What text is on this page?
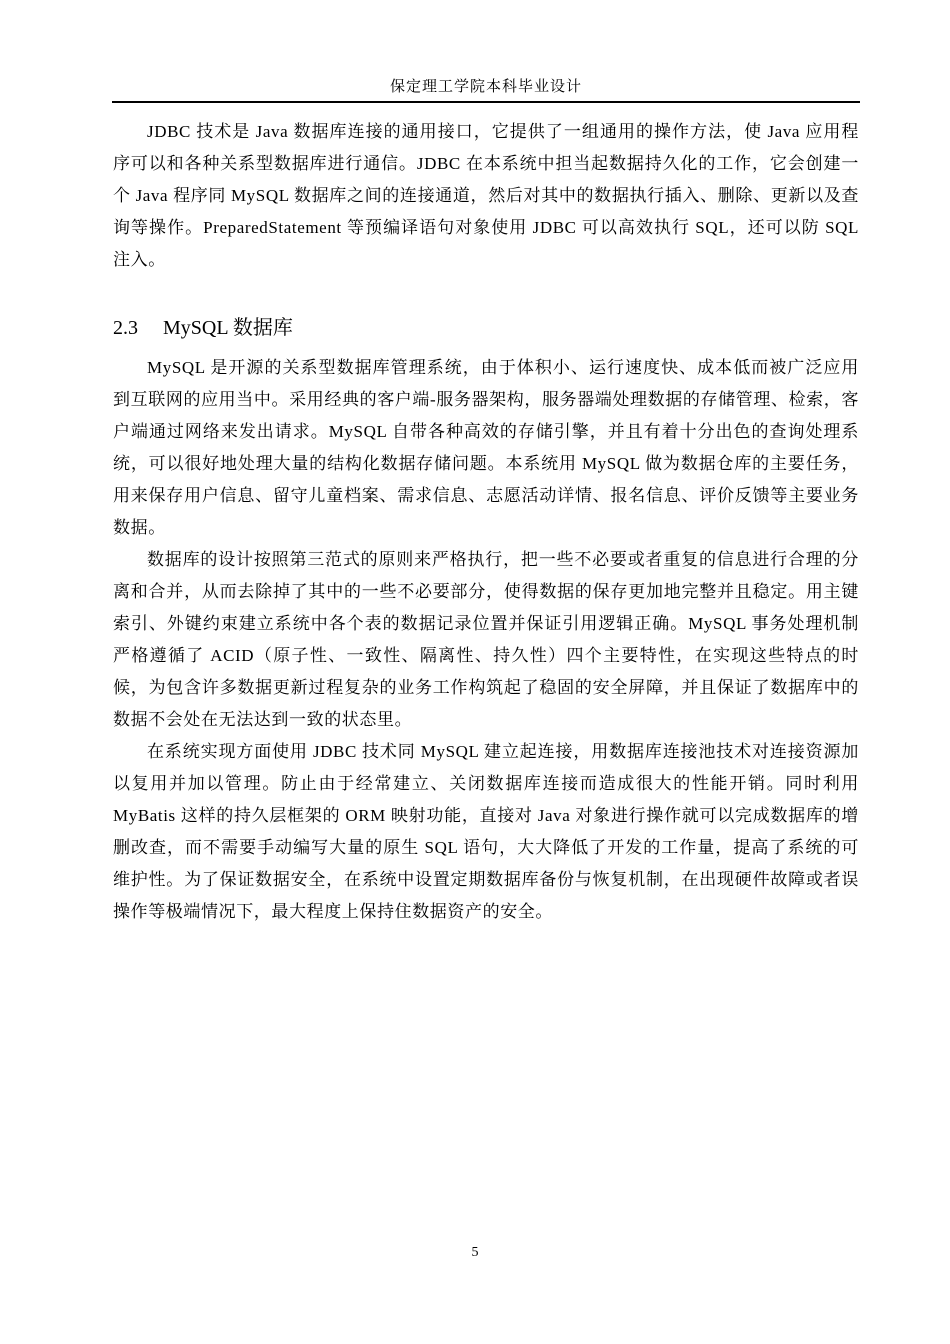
保定理工学院本科毕业设计

JDBC 技术是 Java 数据库连接的通用接口，它提供了一组通用的操作方法，使 Java 应用程序可以和各种关系型数据库进行通信。JDBC 在本系统中担当起数据持久化的工作，它会创建一个 Java 程序同 MySQL 数据库之间的连接通道，然后对其中的数据执行插入、删除、更新以及查询等操作。PreparedStatement 等预编译语句对象使用 JDBC 可以高效执行 SQL，还可以防 SQL 注入。

2.3 MySQL 数据库

MySQL 是开源的关系型数据库管理系统，由于体积小、运行速度快、成本低而被广泛应用到互联网的应用当中。采用经典的客户端-服务器架构，服务器端处理数据的存储管理、检索，客户端通过网络来发出请求。MySQL 自带各种高效的存储引擎，并且有着十分出色的查询处理系统，可以很好地处理大量的结构化数据存储问题。本系统用 MySQL 做为数据仓库的主要任务，用来保存用户信息、留守儿童档案、需求信息、志愿活动详情、报名信息、评价反馈等主要业务数据。

数据库的设计按照第三范式的原则来严格执行，把一些不必要或者重复的信息进行合理的分离和合并，从而去除掉了其中的一些不必要部分，使得数据的保存更加地完整并且稳定。用主键索引、外键约束建立系统中各个表的数据记录位置并保证引用逻辑正确。MySQL 事务处理机制严格遵循了 ACID（原子性、一致性、隔离性、持久性）四个主要特性，在实现这些特点的时候，为包含许多数据更新过程复杂的业务工作构筑起了稳固的安全屏障，并且保证了数据库中的数据不会处在无法达到一致的状态里。

在系统实现方面使用 JDBC 技术同 MySQL 建立起连接，用数据库连接池技术对连接资源加以复用并加以管理。防止由于经常建立、关闭数据库连接而造成很大的性能开销。同时利用 MyBatis 这样的持久层框架的 ORM 映射功能，直接对 Java 对象进行操作就可以完成数据库的增删改查，而不需要手动编写大量的原生 SQL 语句，大大降低了开发的工作量，提高了系统的可维护性。为了保证数据安全，在系统中设置定期数据库备份与恢复机制，在出现硬件故障或者误操作等极端情况下，最大程度上保持住数据资产的安全。

5
